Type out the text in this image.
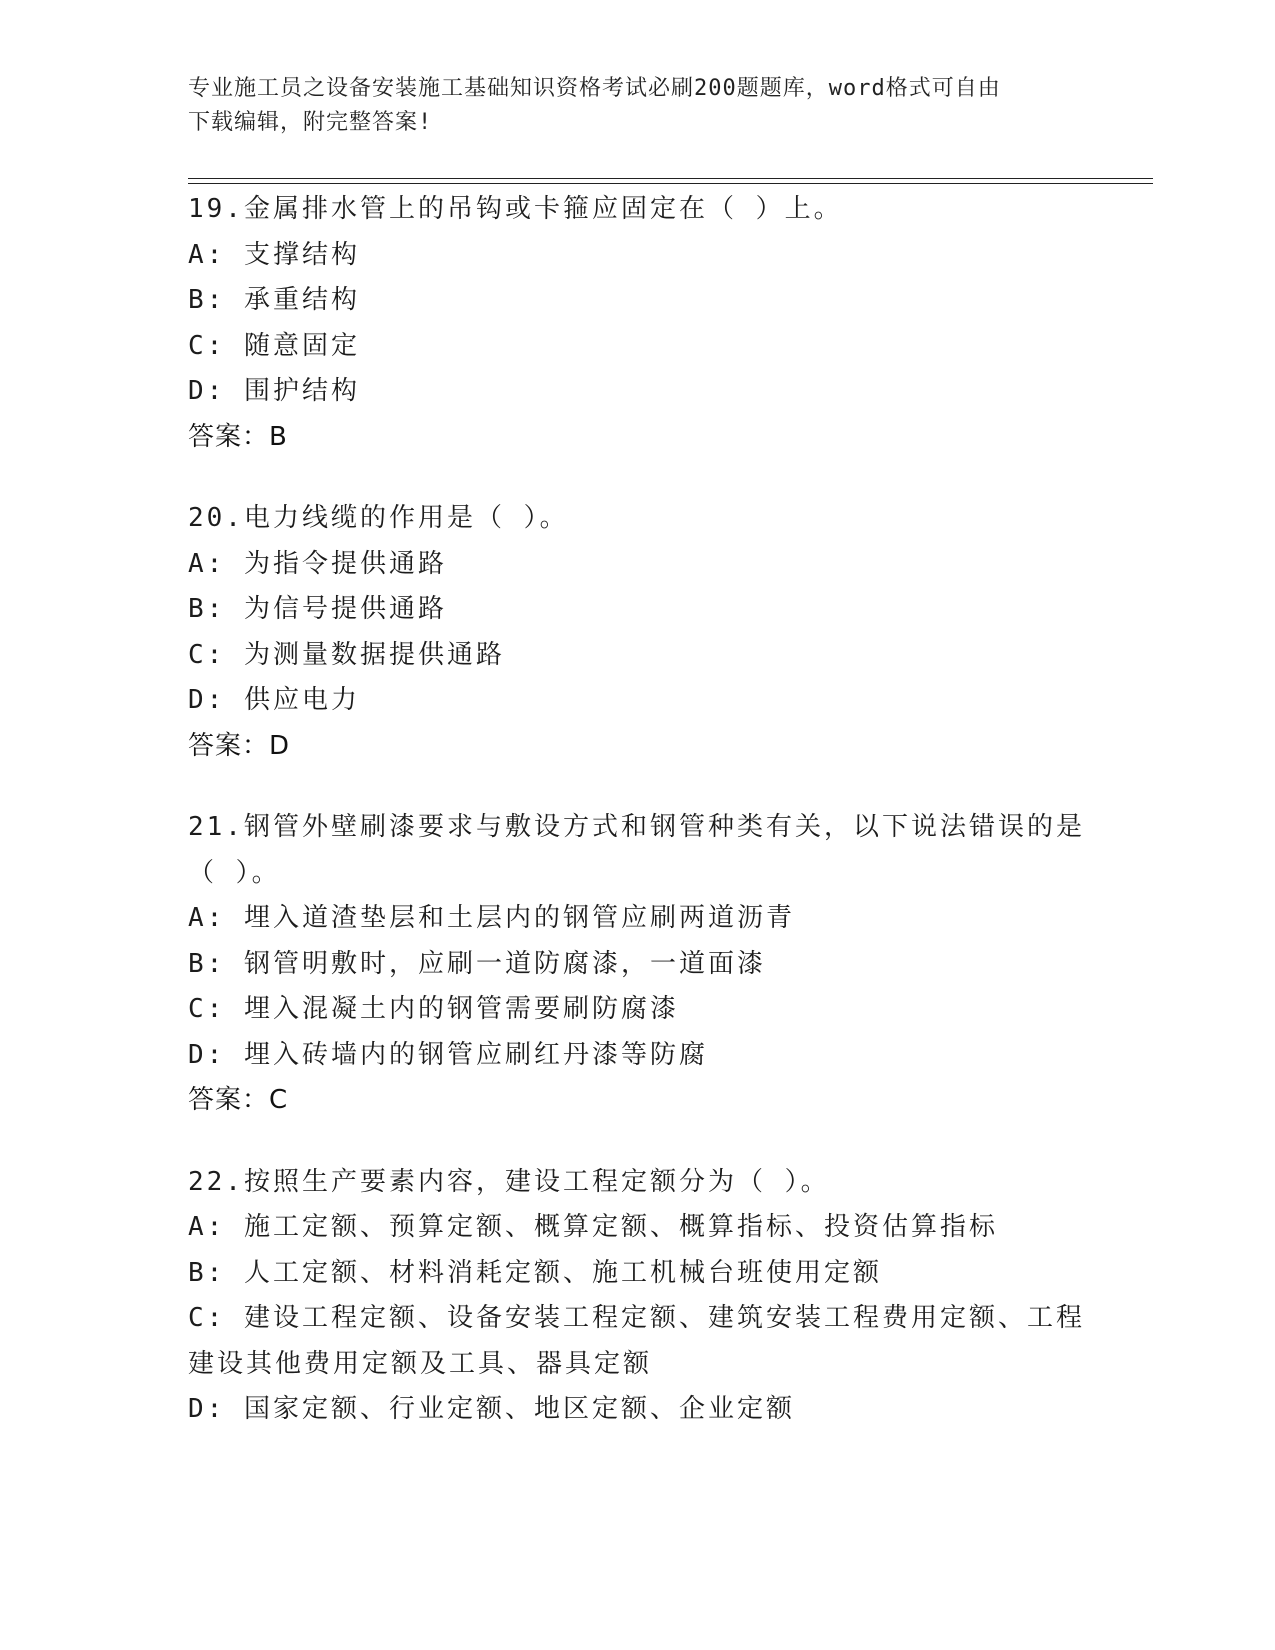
专业施工员之设备安装施工基础知识资格考试必刷200题题库，word格式可自由
下载编辑，附完整答案!
19.金属排水管上的吊钩或卡箍应固定在（ ）上。
A: 支撑结构
B: 承重结构
C: 随意固定
D: 围护结构
答案：B
20.电力线缆的作用是（ ）。
A: 为指令提供通路
B: 为信号提供通路
C: 为测量数据提供通路
D: 供应电力
答案：D
21.钢管外壁刷漆要求与敷设方式和钢管种类有关，以下说法错误的是
（ ）。
A: 埋入道渣垫层和土层内的钢管应刷两道沥青
B: 钢管明敷时，应刷一道防腐漆，一道面漆
C: 埋入混凝土内的钢管需要刷防腐漆
D: 埋入砖墙内的钢管应刷红丹漆等防腐
答案：C
22.按照生产要素内容，建设工程定额分为（ ）。
A: 施工定额、预算定额、概算定额、概算指标、投资估算指标
B: 人工定额、材料消耗定额、施工机械台班使用定额
C: 建设工程定额、设备安装工程定额、建筑安装工程费用定额、工程
建设其他费用定额及工具、器具定额
D: 国家定额、行业定额、地区定额、企业定额
